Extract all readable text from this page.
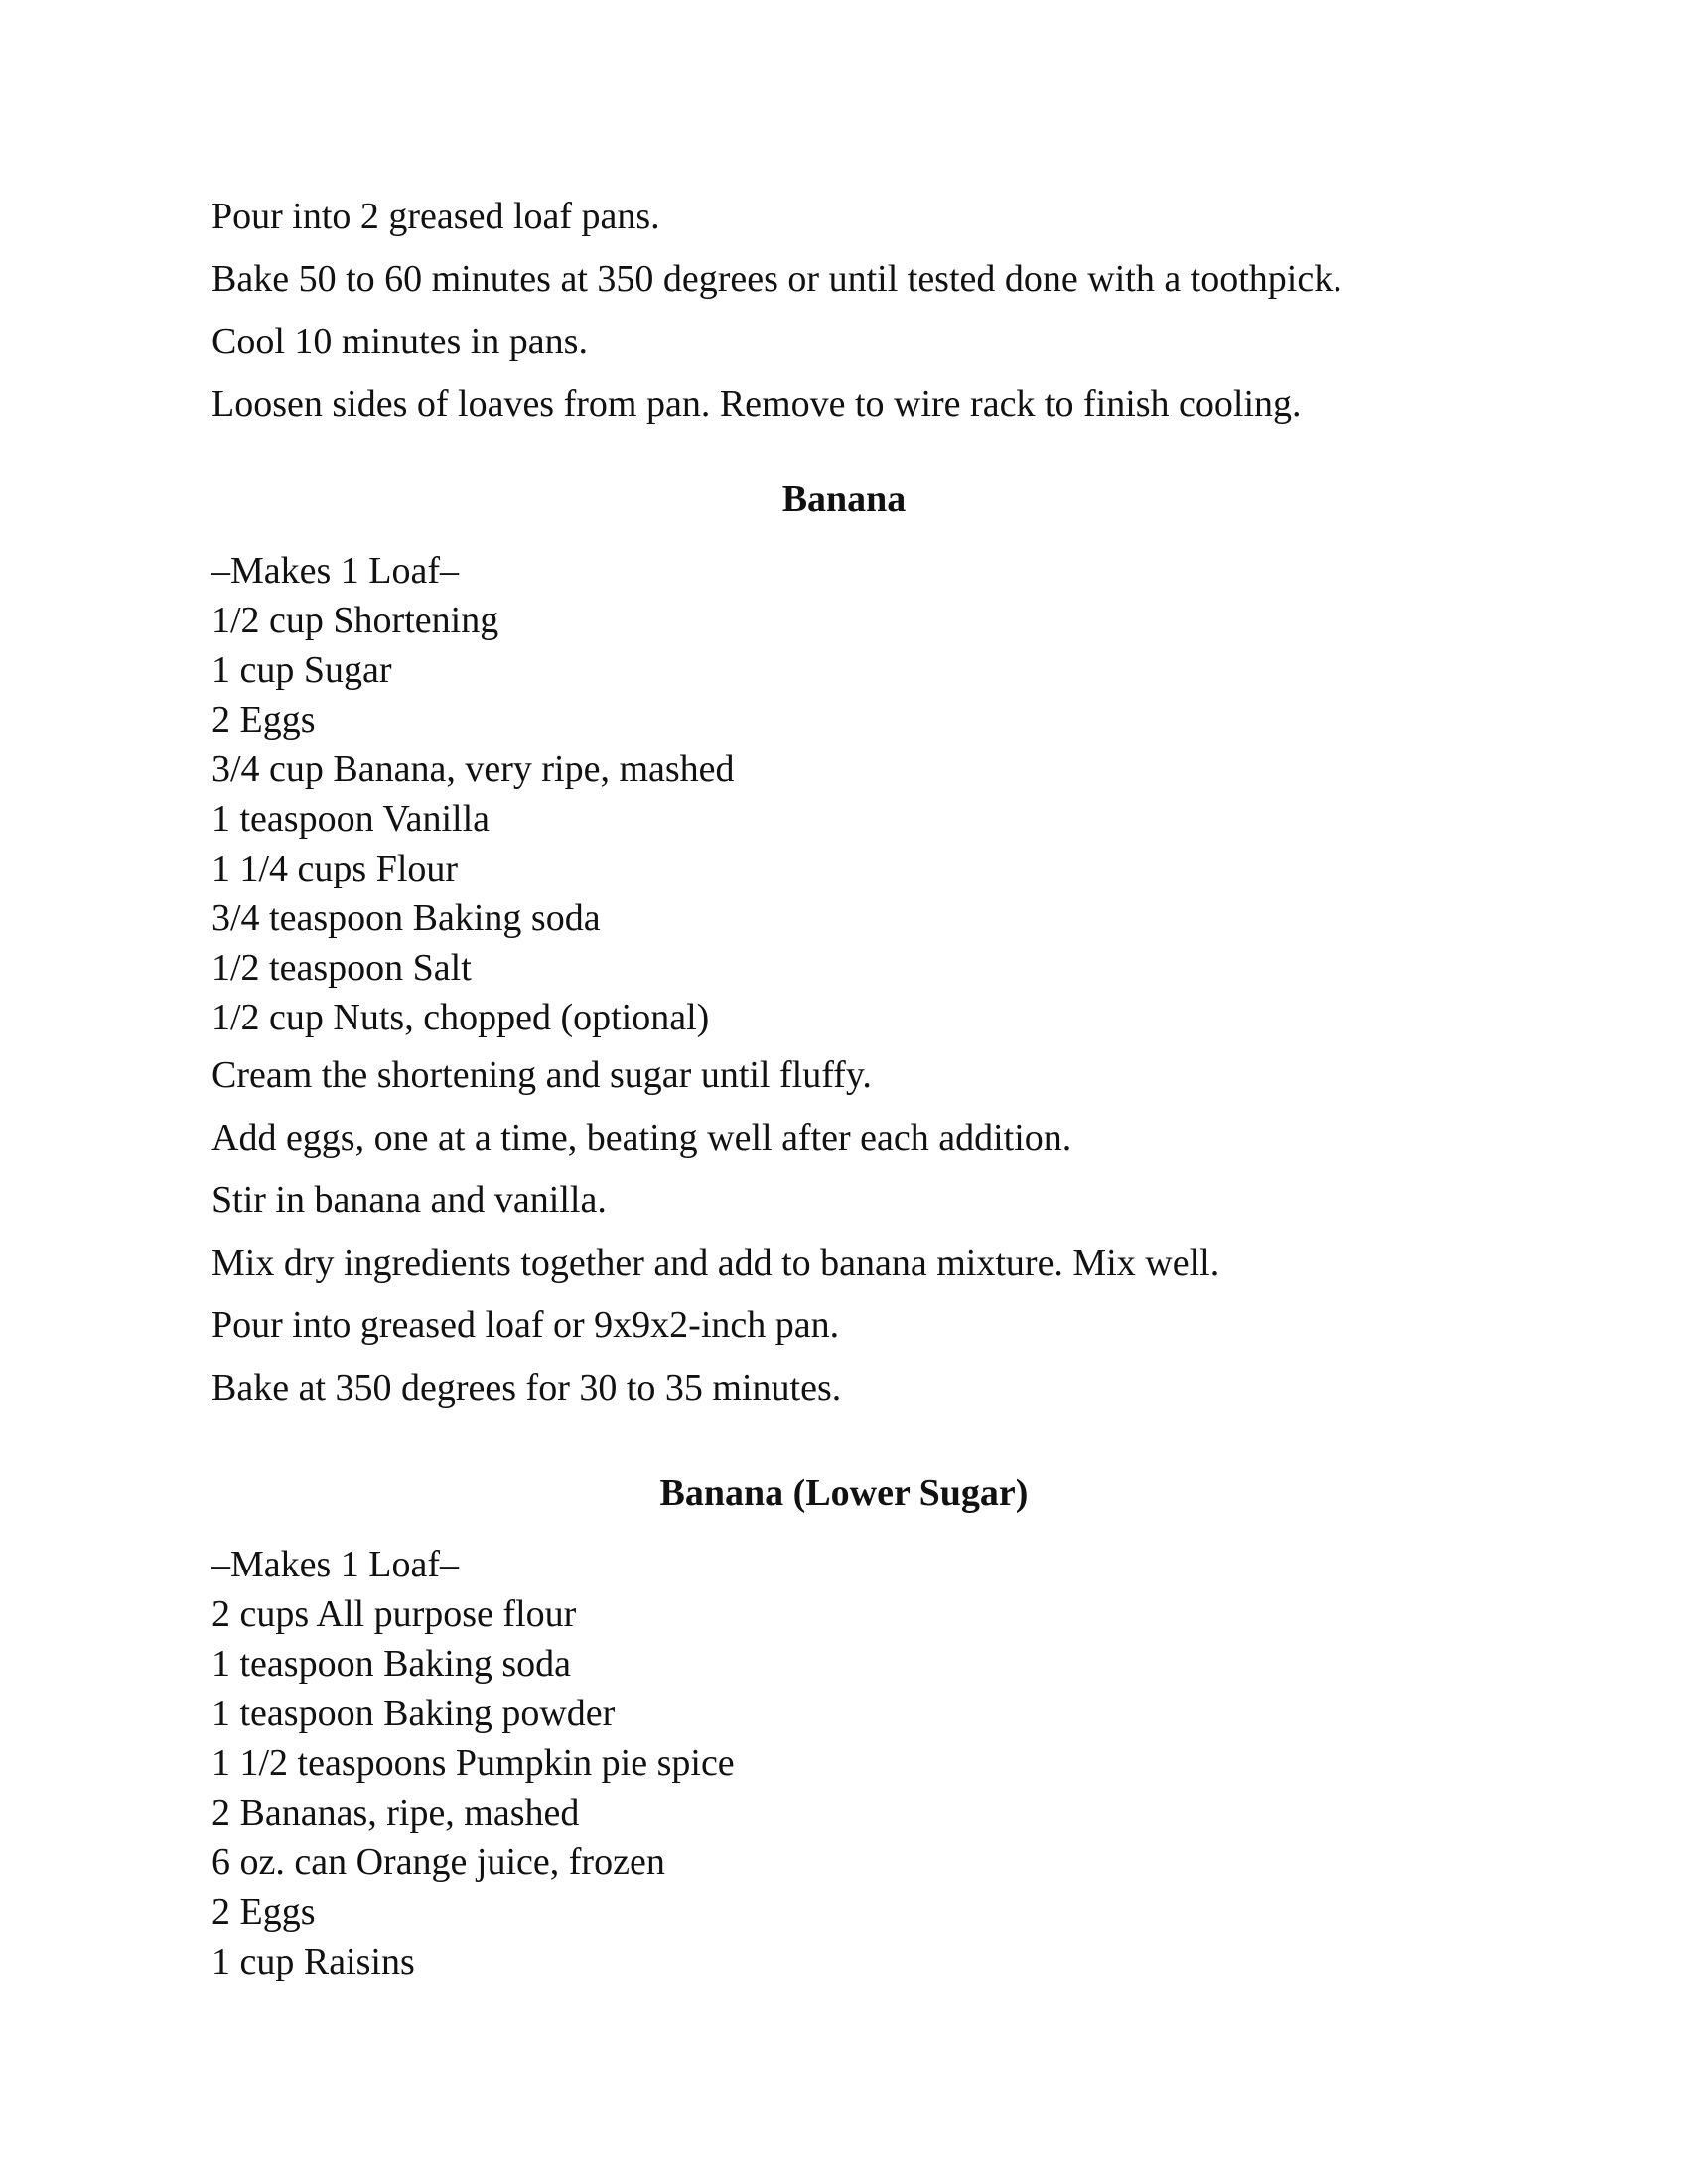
Pour into 2 greased loaf pans.

Bake 50 to 60 minutes at 350 degrees or until tested done with a toothpick.

Cool 10 minutes in pans.

Loosen sides of loaves from pan. Remove to wire rack to finish cooling.

Banana

–Makes 1 Loaf–

1/2 cup Shortening

1 cup Sugar

2 Eggs

3/4 cup Banana, very ripe, mashed

1 teaspoon Vanilla

1 1/4 cups Flour

3/4 teaspoon Baking soda

1/2 teaspoon Salt

1/2 cup Nuts, chopped (optional)

Cream the shortening and sugar until fluffy.

Add eggs, one at a time, beating well after each addition.

Stir in banana and vanilla.

Mix dry ingredients together and add to banana mixture. Mix well.

Pour into greased loaf or 9x9x2-inch pan.

Bake at 350 degrees for 30 to 35 minutes.

Banana (Lower Sugar)

–Makes 1 Loaf–

2 cups All purpose flour

1 teaspoon Baking soda

1 teaspoon Baking powder

1 1/2 teaspoons Pumpkin pie spice

2 Bananas, ripe, mashed

6 oz. can Orange juice, frozen

2 Eggs

1 cup Raisins
